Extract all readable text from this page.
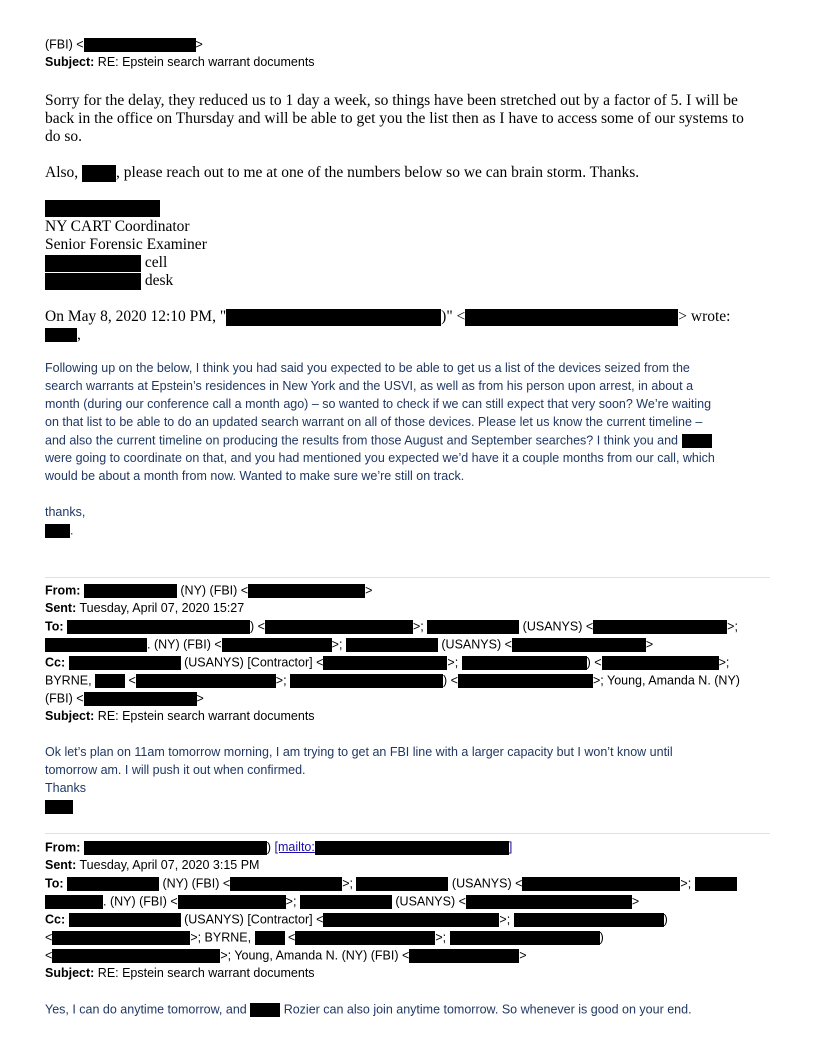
(FBI) <	>
Subject: RE: Epstein search warrant documents
Sorry for the delay, they reduced us to 1 day a week, so things have been stretched out by a factor of 5. I will be
back in the office on Thursday and will be able to get you the list then as I have to access some of our systems to
do so.
Also, , please reach out to me at one of the numbers below so we can brain storm. Thanks.
NY CART Coordinator
Senior Forensic Examiner
cell
desk
On May 8, 2020 12:10 PM, "	)" <	> wrote:
,
Following up on the below, I think you had said you expected to be able to get us a list of the devices seized from the
search warrants at Epstein’s residences in New York and the USVI, as well as from his person upon arrest, in about a
month (during our conference call a month ago) – so wanted to check if we can still expect that very soon? We’re waiting
on that list to be able to do an updated search warrant on all of those devices. Please let us know the current timeline –
and also the current timeline on producing the results from those August and September searches? I think you and
were going to coordinate on that, and you had mentioned you expected we’d have it a couple months from our call, which
would be about a month from now. Wanted to make sure we’re still on track.
thanks,
.
From:	(NY) (FBI) <	>
Sent: Tuesday, April 07, 2020 15:27
To:	) <	>;	(USANYS) <	>;
. (NY) (FBI) <	>;	(USANYS) <	>
Cc:	(USANYS) [Contractor] <	>;	) <	>;
BYRNE,  <	>;	) <	>; Young, Amanda N. (NY)
(FBI) <	>
Subject: RE: Epstein search warrant documents
Ok let’s plan on 11am tomorrow morning, I am trying to get an FBI line with a larger capacity but I won’t know until
tomorrow am. I will push it out when confirmed.
Thanks
From:	) [mailto:	]
Sent: Tuesday, April 07, 2020 3:15 PM
To:	(NY) (FBI) <	>;	(USANYS) <	>;
. (NY) (FBI) <	>;	(USANYS) <	>
Cc:	(USANYS) [Contractor] <	>;	)
<	>; BYRNE,  <	>;	)
<	>; Young, Amanda N. (NY) (FBI) <	>
Subject: RE: Epstein search warrant documents
Yes, I can do anytime tomorrow, and  Rozier can also join anytime tomorrow. So whenever is good on your end.
